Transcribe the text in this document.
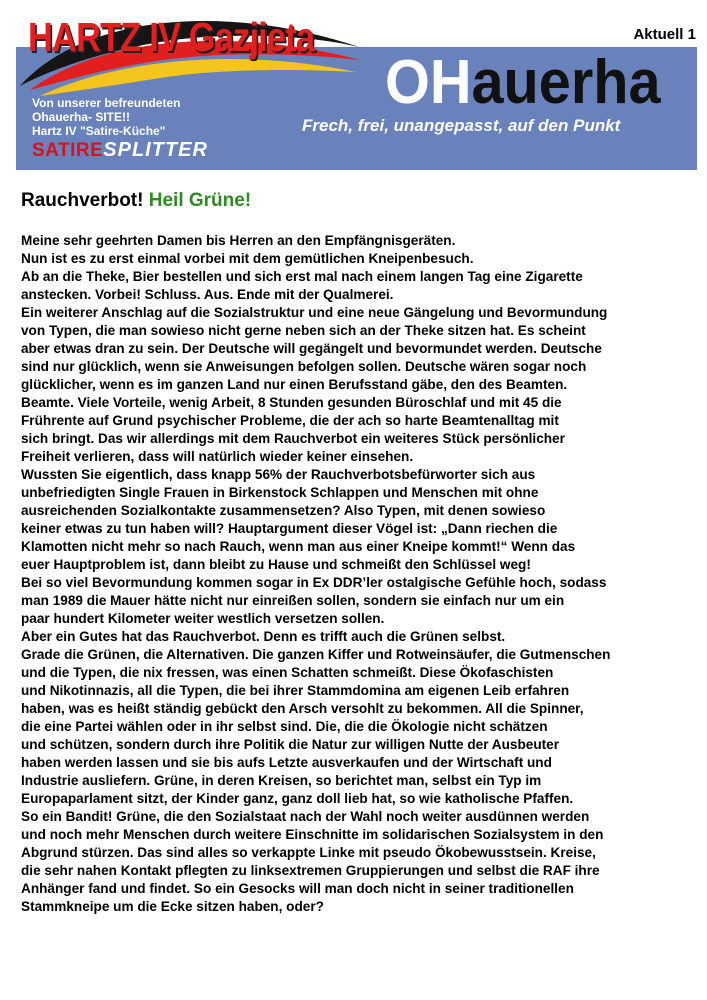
HARTZ IV Gazjieta	Aktuell 1
Von unserer befreundeten
Ohauerha- SITE!!
Hartz IV "Satire-Küche"
SATIRESPLITTER
OHauerha
Frech, frei, unangepasst, auf den Punkt
Rauchverbot! Heil Grüne!
Meine sehr geehrten Damen bis Herren an den Empfängnisgeräten.
Nun ist es zu erst einmal vorbei mit dem gemütlichen Kneipenbesuch.
Ab an die Theke, Bier bestellen und sich erst mal nach einem langen Tag eine Zigarette
anstecken. Vorbei! Schluss. Aus. Ende mit der Qualmerei.
Ein weiterer Anschlag auf die Sozialstruktur und eine neue Gängelung und Bevormundung
von Typen, die man sowieso nicht gerne neben sich an der Theke sitzen hat. Es scheint
aber etwas dran zu sein. Der Deutsche will gegängelt und bevormundet werden. Deutsche
sind nur glücklich, wenn sie Anweisungen befolgen sollen. Deutsche wären sogar noch
glücklicher, wenn es im ganzen Land nur einen Berufsstand gäbe, den des Beamten.
Beamte. Viele Vorteile, wenig Arbeit, 8 Stunden gesunden Büroschlaf und mit 45 die
Frührente auf Grund psychischer Probleme, die der ach so harte Beamtenalltag mit
sich bringt. Das wir allerdings mit dem Rauchverbot ein weiteres Stück persönlicher
Freiheit verlieren, dass will natürlich wieder keiner einsehen.
Wussten Sie eigentlich, dass knapp 56% der Rauchverbotsbefürworter sich aus
unbefriedigten Single Frauen in Birkenstock Schlappen und Menschen mit ohne
ausreichenden Sozialkontakte zusammensetzen? Also Typen, mit denen sowieso
keiner etwas zu tun haben will? Hauptargument dieser Vögel ist: „Dann riechen die
Klamotten nicht mehr so nach Rauch, wenn man aus einer Kneipe kommt!“ Wenn das
euer Hauptproblem ist, dann bleibt zu Hause und schmeißt den Schlüssel weg!
Bei so viel Bevormundung kommen sogar in Ex DDR’ler ostalgische Gefühle hoch, sodass
man 1989 die Mauer hätte nicht nur einreißen sollen, sondern sie einfach nur um ein
paar hundert Kilometer weiter westlich versetzen sollen.
Aber ein Gutes hat das Rauchverbot. Denn es trifft auch die Grünen selbst.
Grade die Grünen, die Alternativen. Die ganzen Kiffer und Rotweinsäufer, die Gutmenschen
und die Typen, die nix fressen, was einen Schatten schmeißt. Diese Ökofaschisten
und Nikotinnazis, all die Typen, die bei ihrer Stammdomina am eigenen Leib erfahren
haben, was es heißt ständig gebückt den Arsch versohlt zu bekommen. All die Spinner,
die eine Partei wählen oder in ihr selbst sind. Die, die die Ökologie nicht schätzen
und schützen, sondern durch ihre Politik die Natur zur willigen Nutte der Ausbeuter
haben werden lassen und sie bis aufs Letzte ausverkaufen und der Wirtschaft und
Industrie ausliefern. Grüne, in deren Kreisen, so berichtet man, selbst ein Typ im
Europaparlament sitzt, der Kinder ganz, ganz doll lieb hat, so wie katholische Pfaffen.
So ein Bandit! Grüne, die den Sozialstaat nach der Wahl noch weiter ausdünnen werden
und noch mehr Menschen durch weitere Einschnitte im solidarischen Sozialsystem in den
Abgrund stürzen. Das sind alles so verkappte Linke mit pseudo Ökobewusstsein. Kreise,
die sehr nahen Kontakt pflegten zu linksextremen Gruppierungen und selbst die RAF ihre
Anhänger fand und findet. So ein Gesocks will man doch nicht in seiner traditionellen
Stammkneipe um die Ecke sitzen haben, oder?
